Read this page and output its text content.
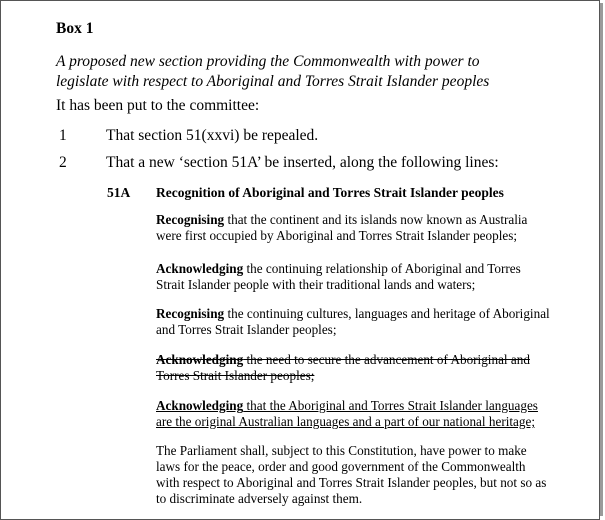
Box 1
A proposed new section providing the Commonwealth with power to
legislate with respect to Aboriginal and Torres Strait Islander peoples
It has been put to the committee:
1	That section 51(xxvi) be repealed.
2	That a new ‘section 51A’ be inserted, along the following lines:
51A Recognition of Aboriginal and Torres Strait Islander peoples
Recognising that the continent and its islands now known as Australia
were first occupied by Aboriginal and Torres Strait Islander peoples;
Acknowledging the continuing relationship of Aboriginal and Torres
Strait Islander people with their traditional lands and waters;
Recognising the continuing cultures, languages and heritage of Aboriginal
and Torres Strait Islander peoples;
Acknowledging the need to secure the advancement of Aboriginal and
Torres Strait Islander peoples;
Acknowledging that the Aboriginal and Torres Strait Islander languages
are the original Australian languages and a part of our national heritage;
The Parliament shall, subject to this Constitution, have power to make
laws for the peace, order and good government of the Commonwealth
with respect to Aboriginal and Torres Strait Islander peoples, but not so as
to discriminate adversely against them.
